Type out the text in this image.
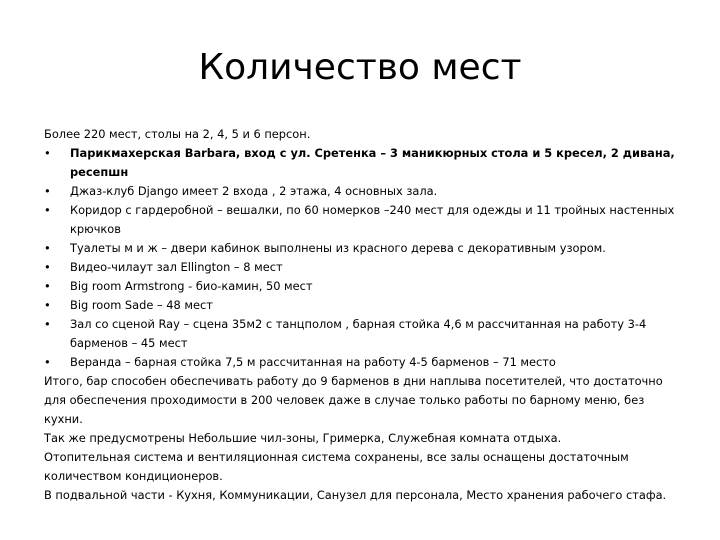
Количество мест

Более 220 мест, столы на 2, 4, 5 и 6 персон.

• Парикмахерская Barbara, вход с ул. Сретенка – 3 маникюрных стола и 5 кресел, 2 дивана, ресепшн
• Джаз-клуб Django имеет 2 входа , 2 этажа, 4 основных зала.
• Коридор с гардеробной – вешалки, по 60 номерков –240 мест для одежды и 11 тройных настенных крючков
• Туалеты м и ж – двери кабинок выполнены из красного дерева с декоративным узором.
• Видео-чилаут зал Ellington – 8 мест
• Big room Armstrong - био-камин, 50 мест
• Big room Sade – 48 мест
• Зал со сценой Ray – сцена 35м2 с танцполом , барная стойка 4,6 м рассчитанная на работу 3-4 барменов – 45 мест
• Веранда – барная стойка 7,5 м рассчитанная на работу 4-5 барменов – 71 место

Итого, бар способен обеспечивать работу до 9 барменов в дни наплыва посетителей, что достаточно для обеспечения проходимости в 200 человек даже в случае только работы по барному меню, без кухни.

Так же предусмотрены Небольшие чил-зоны, Гримерка, Служебная комната отдыха.

Отопительная система и вентиляционная система сохранены, все залы оснащены достаточным количеством кондиционеров.

В подвальной части - Кухня, Коммуникации, Санузел для персонала, Место хранения рабочего стафа.
